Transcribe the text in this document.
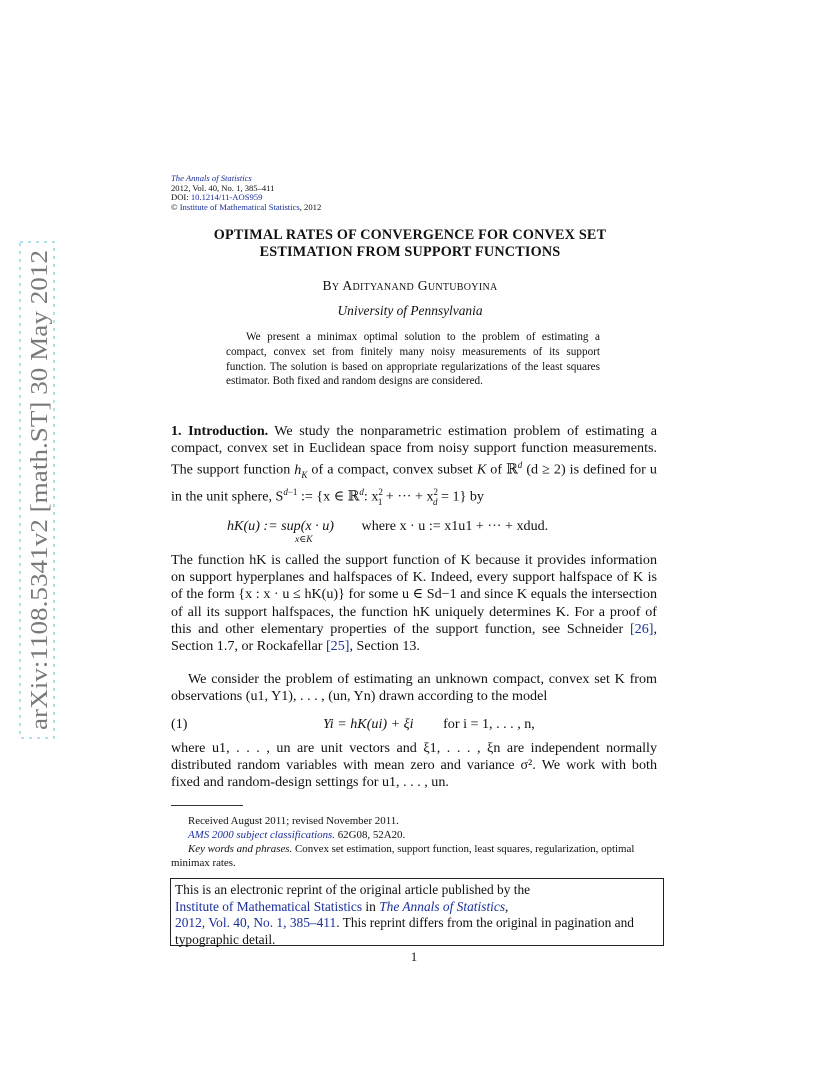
arXiv:1108.5341v2 [math.ST] 30 May 2012
The Annals of Statistics
2012, Vol. 40, No. 1, 385–411
DOI: 10.1214/11-AOS959
© Institute of Mathematical Statistics, 2012
OPTIMAL RATES OF CONVERGENCE FOR CONVEX SET
ESTIMATION FROM SUPPORT FUNCTIONS
By Adityanand Guntuboyina
University of Pennsylvania
We present a minimax optimal solution to the problem of estimating a compact, convex set from finitely many noisy measurements of its support function. The solution is based on appropriate regularizations of the least squares estimator. Both fixed and random designs are considered.
1. Introduction. We study the nonparametric estimation problem of estimating a compact, convex set in Euclidean space from noisy support function measurements. The support function $h_K$ of a compact, convex subset K of ℝ$^d$ (d ≥ 2) is defined for u in the unit sphere, $S^{d-1}$ := {x ∈ ℝ$^d$: $x^2_1$ + ··· + $x^2_d = 1$} by
hK(u) := sup(x · u)
x∈K
where x · u := x1u1 + ··· + xdud.
The function hK is called the support function of K because it provides information on support hyperplanes and halfspaces of K. Indeed, every support halfspace of K is of the form {x : x · u ≤ hK(u)} for some u ∈ Sd−1 and since K equals the intersection of all its support halfspaces, the function hK uniquely determines K. For a proof of this and other elementary properties of the support function, see Schneider [26], Section 1.7, or Rockafellar [25], Section 13.
We consider the problem of estimating an unknown compact, convex set K from observations (u1, Y1), . . . , (un, Yn) drawn according to the model
(1)	Yi = hK(ui) + ξi for i = 1, . . . , n,
where u1, . . . , un are unit vectors and ξ1, . . . , ξn are independent normally distributed random variables with mean zero and variance σ². We work with both fixed and random-design settings for u1, . . . , un.

Received August 2011; revised November 2011.

AMS 2000 subject classifications. 62G08, 52A20.

Key words and phrases. Convex set estimation, support function, least squares, regularization, optimal minimax rates.

This is an electronic reprint of the original article published by the
Institute of Mathematical Statistics in The Annals of Statistics,
2012, Vol. 40, No. 1, 385–411. This reprint differs from the original in pagination and typographic detail.
1
